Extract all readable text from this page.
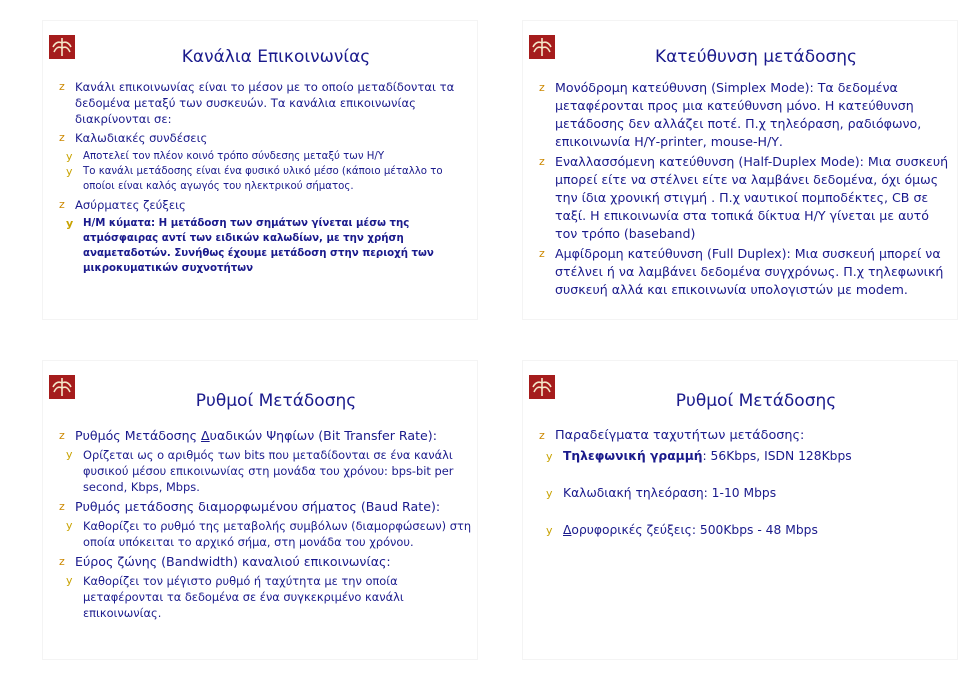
Κανάλια Επικοινωνίας
z Κανάλι επικοινωνίας είναι το μέσον με το οποίο μεταδίδονται τα δεδομένα μεταξύ των συσκευών. Τα κανάλια επικοινωνίας διακρίνονται σε:
z Καλωδιακές συνδέσεις
y Αποτελεί τον πλέον κοινό τρόπο σύνδεσης μεταξύ των Η/Υ
y Το κανάλι μετάδοσης είναι ένα φυσικό υλικό μέσο (κάποιο μέταλλο το οποίοι είναι καλός αγωγός του ηλεκτρικού σήματος.
z Ασύρματες ζεύξεις
y Η/Μ κύματα: Η μετάδοση των σημάτων γίνεται μέσω της ατμόσφαιρας αντί των ειδικών καλωδίων, με την χρήση αναμεταδοτών. Συνήθως έχουμε μετάδοση στην περιοχή των μικροκυματικών συχνοτήτων
Κατεύθυνση μετάδοσης
z Μονόδρομη κατεύθυνση (Simplex Mode): Τα δεδομένα μεταφέρονται προς μια κατεύθυνση μόνο. Η κατεύθυνση μετάδοσης δεν αλλάζει ποτέ. Π.χ τηλεόραση, ραδιόφωνο, επικοινωνία Η/Υ-printer, mouse-Η/Υ.
z Εναλλασσόμενη κατεύθυνση (Half-Duplex Mode): Μια συσκευή μπορεί είτε να στέλνει είτε να λαμβάνει δεδομένα, όχι όμως την ίδια χρονική στιγμή . Π.χ ναυτικοί πομποδέκτες, CB σε ταξί. Η επικοινωνία στα τοπικά δίκτυα Η/Υ γίνεται με αυτό τον τρόπο (baseband)
z Αμφίδρομη κατεύθυνση (Full Duplex): Μια συσκευή μπορεί να στέλνει ή να λαμβάνει δεδομένα συγχρόνως. Π.χ τηλεφωνική συσκευή αλλά και επικοινωνία υπολογιστών με modem.
Ρυθμοί Μετάδοσης
z Ρυθμός Μετάδοσης Δυαδικών Ψηφίων (Bit Transfer Rate):
y Ορίζεται ως ο αριθμός των bits που μεταδίδονται σε ένα κανάλι φυσικού μέσου επικοινωνίας στη μονάδα του χρόνου: bps-bit per second, Kbps, Mbps.
z Ρυθμός μετάδοσης διαμορφωμένου σήματος (Baud Rate):
y Καθορίζει το ρυθμό της μεταβολής συμβόλων (διαμορφώσεων) στη οποία υπόκειται το αρχικό σήμα, στη μονάδα του χρόνου.
z Εύρος ζώνης (Bandwidth) καναλιού επικοινωνίας:
y Καθορίζει τον μέγιστο ρυθμό ή ταχύτητα με την οποία μεταφέρονται τα δεδομένα σε ένα συγκεκριμένο κανάλι επικοινωνίας.
Ρυθμοί Μετάδοσης
z Παραδείγματα ταχυτήτων μετάδοσης:
y Τηλεφωνική γραμμή: 56Kbps, ISDN 128Kbps
y Καλωδιακή τηλεόραση: 1-10 Mbps
y Δορυφορικές ζεύξεις: 500Kbps - 48 Mbps
